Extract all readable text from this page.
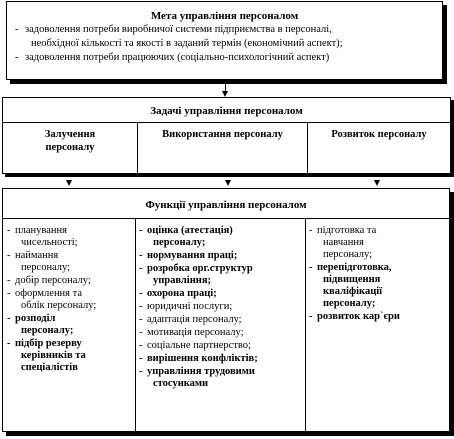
Мета управління персоналом
- задоволення потреби виробничої системи підприємства в персоналі,
необхідної кількості та якості в заданий термін (економічний аспект);
- задоволення потреби працюючих (соціально-психологічний аспект)
Задачі управління персоналом
Залучення
персоналу
Використання персоналу	Розвиток персоналу
Функції управління персоналом
- планування
чисельності;
- наймання
персоналу;
- добір персоналу;
- оформлення та
облік персоналу;
- розподіл
персоналу;
- підбір резерву
керівників та
спеціалістів
- оцінка (атестація)
персоналу;
- нормування праці;
- розробка орг.структур
управління;
- охорона праці;
- юридичні послуги;
- адаптація персоналу;
- мотивація персоналу;
- соціальне партнерство;
- вирішення конфліктів;
- управління трудовими
стосунками
- підготовка та
навчання
персоналу;
- перепідготовка,
підвищення
кваліфікації
персоналу;
- розвиток кар`єри
